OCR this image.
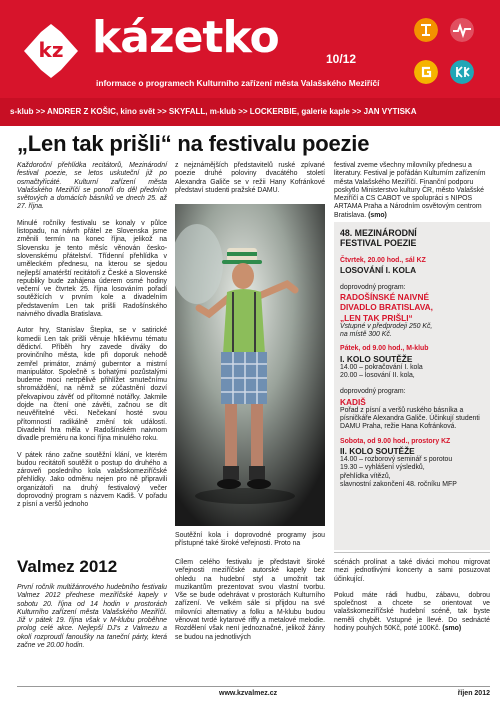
kz kázetko	10/12
informace o programech Kulturního zařízení města Valašského Meziříčí
s-klub >> ANDRER Z KOŠIC, kino svět >> SKYFALL, m-klub >> LOCKERBIE, galerie kaple >> JAN VYTISKA
„Len tak prišli“ na festivalu poezie

Každoroční přehlídka recitátorů, Mezinárodní festival poezie, se letos uskuteční již po osmačtyřicáté. Kulturní zařízení města Valašského Meziříčí se ponoří do děl předních světových a domácích básníků ve dnech 25. až 27. října.

Minulé ročníky festivalu se konaly v půlce listopadu, na návrh přátel ze Slovenska jsme změnili termín na konec října, jelikož na Slovensku je tento měsíc věnován česko-slovenskému přátelství. Třídenní přehlídka v uměleckém přednesu, na kterou se sjedou nejlepší amatérští recitátoři z České a Slovenské republiky bude zahájena úderem osmé hodiny večerní ve čtvrtek 25. října losováním pořadí soutěžících v prvním kole a divadelním představením Len tak prišli Radošínského naivného divadla Bratislava.

Autor hry, Stanislav Štepka, se v satirické komedii Len tak prišli věnuje hlkliévmu tématu dědictví. Příběh hry zavede diváky do provinčního města, kde při doporuk nehodě zemřel primátor, známý guberntor a mistrní manipulátor. Společně s bohatými pozůstalými budeme moci netrpělivě přihlížet smutečnímu shromáždění, na němž se zúčastnění dozví překvapivou závěť od přítomné notářky. Jakmile dojde na čtení onė závěti, začnou se dít neuvěřitelné věci. Nečekaní hosté svou přítomností radikálně změní tok událostí. Divadelní hra měla v Radošínském naivnom divadle premiéru na konci října minulého roku.

V pátek ráno začne soutěžní klání, ve kterém budou recitátoři soutěžit o postup do druhého a zároveň posledního kola valašskomeziříčské přehlídky. Jako odměnu nejen pro ně připravili organizátoři na druhý festivalový večer doprovodný program s názvem Kadiš. V pořadu z písní a veršů jednoho

z nejznámějších představitelů ruské zpívané poezie druhé poloviny dvacátého století Alexandra Galiče se v režii Hany Kofránkové představí studenti pražské DAMU.

Soutěžní kola i doprovodné programy jsou přístupné také široké veřejnosti. Proto na

festival zveme všechny milovníky přednesu a literatury. Festival je pořádán Kulturním zařízením města Valašského Meziříčí. Finanční podporu poskytlo Ministerstvo kultury ČR, město Valašské Meziříčí a CS CABOT ve spolupráci s NIPOS ARTAMA Praha a Národním osvětovým centrom Bratislava. (smo)

48. MEZINÁRODNÍ
FESTIVAL POEZIE
Čtvrtek, 20.00 hod., sál KZ
LOSOVÁNÍ I. KOLA
doprovodný program:
RADOŠÍNSKÉ NAIVNÉ
DIVADLO BRATISLAVA,
„LEN TAK PRIŠLI“
Vstupné v předprodeji 250 Kč,
na místě 300 Kč.
Pátek, od 9.00 hod., M-klub
I. KOLO SOUTĚŽE
14.00 – pokračování I. kola
20.00 – losování II. kola,
doprovodný program:
KADIŠ
Pořad z písní a veršů ruského básníka a písničkáře Alexandra Galiče. Účinkují studenti DAMU Praha, režie Hana Kofránková.
Sobota, od 9.00 hod., prostory KZ
II. KOLO SOUTĚŽE
14.00 – rozborový seminář s porotou
19.30 – vyhlášení výsledků,
přehlídka vítězů,
slavnostní zakončení 48. ročníku MFP
Valmez 2012

První ročník multižánrového hudebního festivalu Valmez 2012 přednese meziříčské kapely v sobotu 20. října od 14 hodin v prostorách Kulturního zařízení města Valašského Meziříčí. Již v pátek 19. října však v M-klubu proběhne prolog celé akce. Nejlepší DJ's z Valmezu a okolí rozproudí fanoušky na taneční párty, která začne ve 20.00 hodin.

Cílem celého festivalu je představit široké veřejnosti meziříčské autorské kapely bez ohledu na hudební styl a umožnit tak muzikantům prezentovat svou vlastní tvorbu. Vše se bude odehrávat v prostorách Kulturního zařízení. Ve velkém sále si přijdou na své milovníci alternativy a folku a M-klubu budou věnovat tvrdé kytarové riffy a metalové melodie. Rozdělení však není jednoznačné, jelikož žánry se budou na jednotlivých

scénách prolínat a také diváci mohou migrovat mezi jednotlivými koncerty a sami posuzovat účinkující.

Pokud máte rádi hudbu, zábavu, dobrou společnost a chcete se orientovat ve valašskomeziříčské hudební scéně, tak byste neměli chybět. Vstupné je llevé. Do sednácté hodiny pouhých 50Kč, poté 100Kč. (smo)

www.kzvalmez.cz	říjen 2012
